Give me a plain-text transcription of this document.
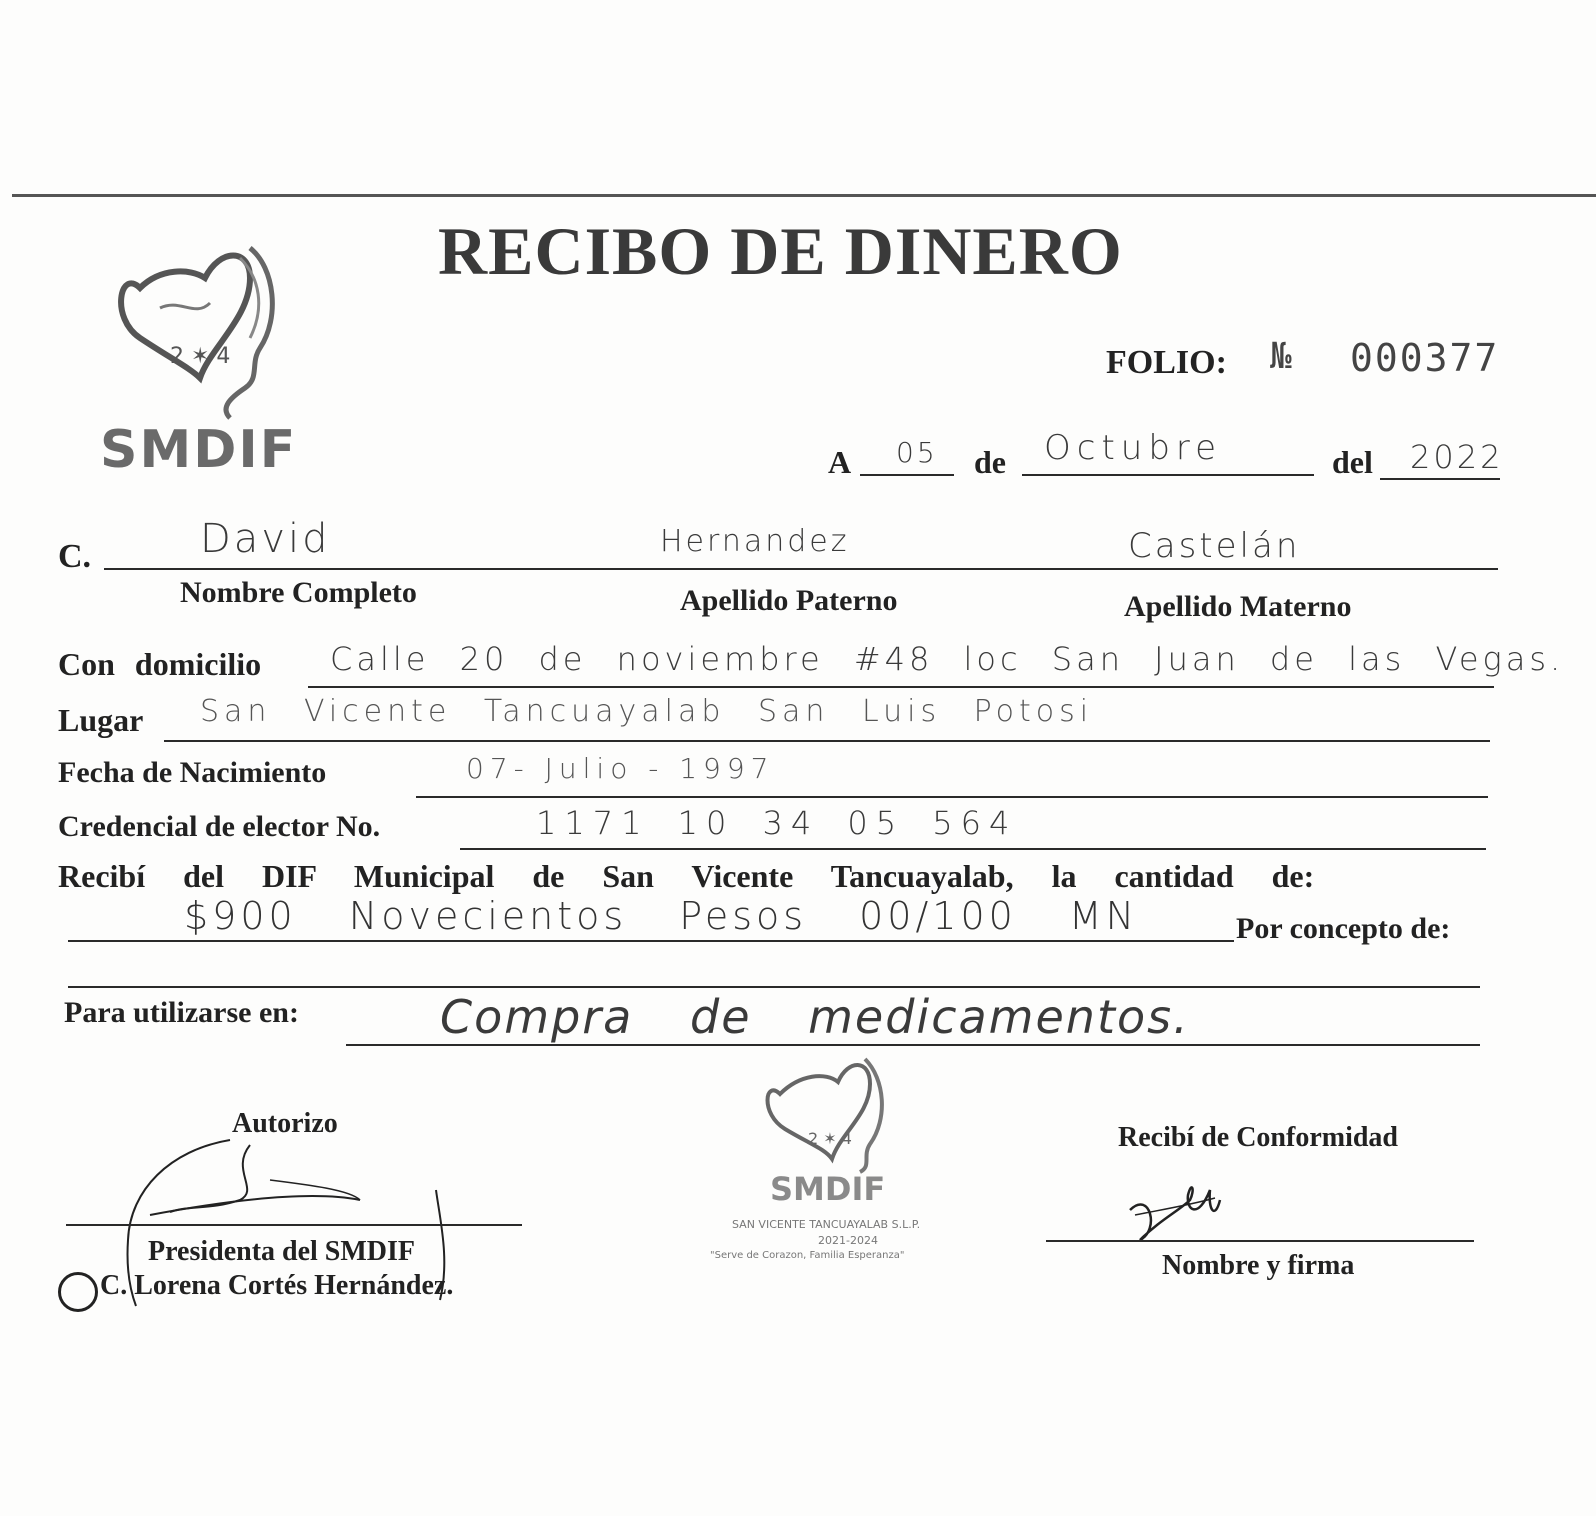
2 ✶ 4
SMDIF
RECIBO DE DINERO
FOLIO: № 000377
A 05 de Octubre	del 2022
C.	David	Hernandez	Castelán
Nombre Completo	Apellido Paterno	Apellido Materno
Con domicilio Calle 20 de noviembre #48 loc San Juan de las Vegas.
Lugar San Vicente Tancuayalab San Luis Potosi
Fecha de Nacimiento	07- Julio - 1997
Credencial de elector No.	1171 10 34 05 564
Recibí del DIF Municipal de San Vicente Tancuayalab, la cantidad de:
$900 Novecientos Pesos 00/100 MN	Por concepto de:
Para utilizarse en:	Compra de medicamentos.
2 ✶ 4
SMDIF
SAN VICENTE TANCUAYALAB S.L.P.
2021-2024
"Serve de Corazon, Familia Esperanza"
Autorizo
Presidenta del SMDIF
C. Lorena Cortés Hernández.
Recibí de Conformidad
Nombre y firma
